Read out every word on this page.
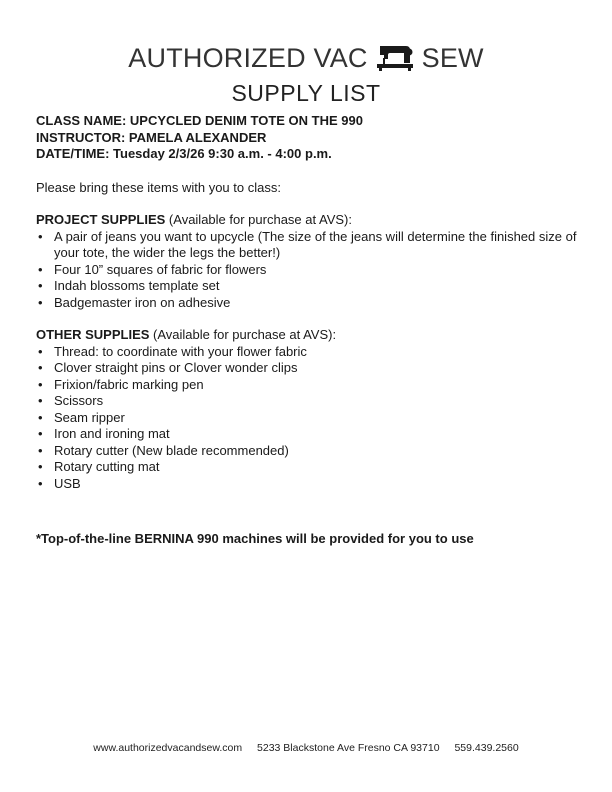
AUTHORIZED VAC SEW
SUPPLY LIST
CLASS NAME: UPCYCLED DENIM TOTE ON THE 990
INSTRUCTOR: PAMELA ALEXANDER
DATE/TIME: Tuesday 2/3/26 9:30 a.m. - 4:00 p.m.
Please bring these items with you to class:
PROJECT SUPPLIES (Available for purchase at AVS):
• A pair of jeans you want to upcycle (The size of the jeans will determine the finished size of your tote, the wider the legs the better!)
• Four 10” squares of fabric for flowers
• Indah blossoms template set
• Badgemaster iron on adhesive
OTHER SUPPLIES (Available for purchase at AVS):
• Thread: to coordinate with your flower fabric
• Clover straight pins or Clover wonder clips
• Frixion/fabric marking pen
• Scissors
• Seam ripper
• Iron and ironing mat
• Rotary cutter (New blade recommended)
• Rotary cutting mat
• USB
*Top-of-the-line BERNINA 990 machines will be provided for you to use
www.authorizedvacandsew.com 5233 Blackstone Ave Fresno CA 93710 559.439.2560
